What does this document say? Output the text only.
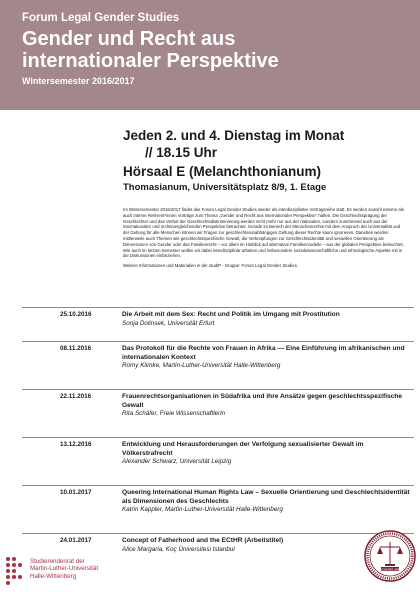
Forum Legal Gender Studies
Gender und Recht aus
internationaler Perspektive
Wintersemester 2016/2017
Jeden 2. und 4. Dienstag im Monat
// 18.15 Uhr
Hörsaal E (Melanchthonianum)
Thomasianum, Universitätsplatz 8/9, 1. Etage

Im Wintersemester 2016/2017 findet das Forum Legal Gender Studies wieder als interdisziplinäre Vortragsreihe statt. Es werden sowohl externe als auch interne Referent*innen Vorträge zum Thema „Gender und Recht aus internationaler Perspektive" halten. Die Geschlechtsprägung der Geschlechter und das Verbot der Geschlechtsdiskriminierung werden nicht mehr nur aus der nationalen, sondern zunehmend auch aus der internationalen und rechtsvergleichenden Perspektive betrachtet. Gerade im Bereich der Menschenrechte mit dem Anspruch der Universalität und der Geltung für alle Menschen können wir Fragen zur geschlechterunabhängigen Geltung dieser Rechte kaum ignorieren. Daneben werden mittlerweile auch Themen wie geschlechtsspezifische Gewalt, die Verknüpfungen zur Geschlechtsidentität und sexuellen Orientierung als Dimensionen von Gender oder das Familienrecht – vor allem im Hinblick auf alternative Familienmodelle – aus der globalen Perspektive beleuchtet. Wie auch im letzten Semester wollen wir dabei interdisziplinär arbeiten und insbesondere sozialwissenschaftliche und ethnologische Aspekte mit in die Diskussionen einbeziehen.

Weitere Informationen und Materialien in der studIP - Gruppe: Forum Legal Gender Studies.

25.10.2016	Die Arbeit mit dem Sex: Recht und Politik im Umgang mit Prostitution
Sonja Dolinsek, Universität Erfurt
08.11.2016	Das Protokoll für die Rechte von Frauen in Afrika — Eine Einführung im afrikanischen und internationalen Kontext
Romy Klimke, Martin-Luther-Universität Halle-Wittenberg
22.11.2016	Frauenrechtsorganisationen in Südafrika und ihre Ansätze gegen geschlechtsspezifische Gewalt
Rita Schäfer, Freie Wissenschaftlerin
13.12.2016	Entwicklung und Herausforderungen der Verfolgung sexualisierter Gewalt im Völkerstrafrecht
Alexander Schwarz, Universität Leipzig
10.01.2017	Queering International Human Rights Law – Sexuelle Orientierung und Geschlechtsidentität als Dimensionen des Geschlechts
Katrin Kappler, Martin-Luther-Universität Halle-Wittenberg
24.01.2017	Concept of Fatherhood and the ECtHR (Arbeitstitel)
Alice Margaria, Koç Üniversitesi Istanbul
Studierendenrat der
Martin-Luther-Universität
Halle-Wittenberg
FACULTAS JURA
